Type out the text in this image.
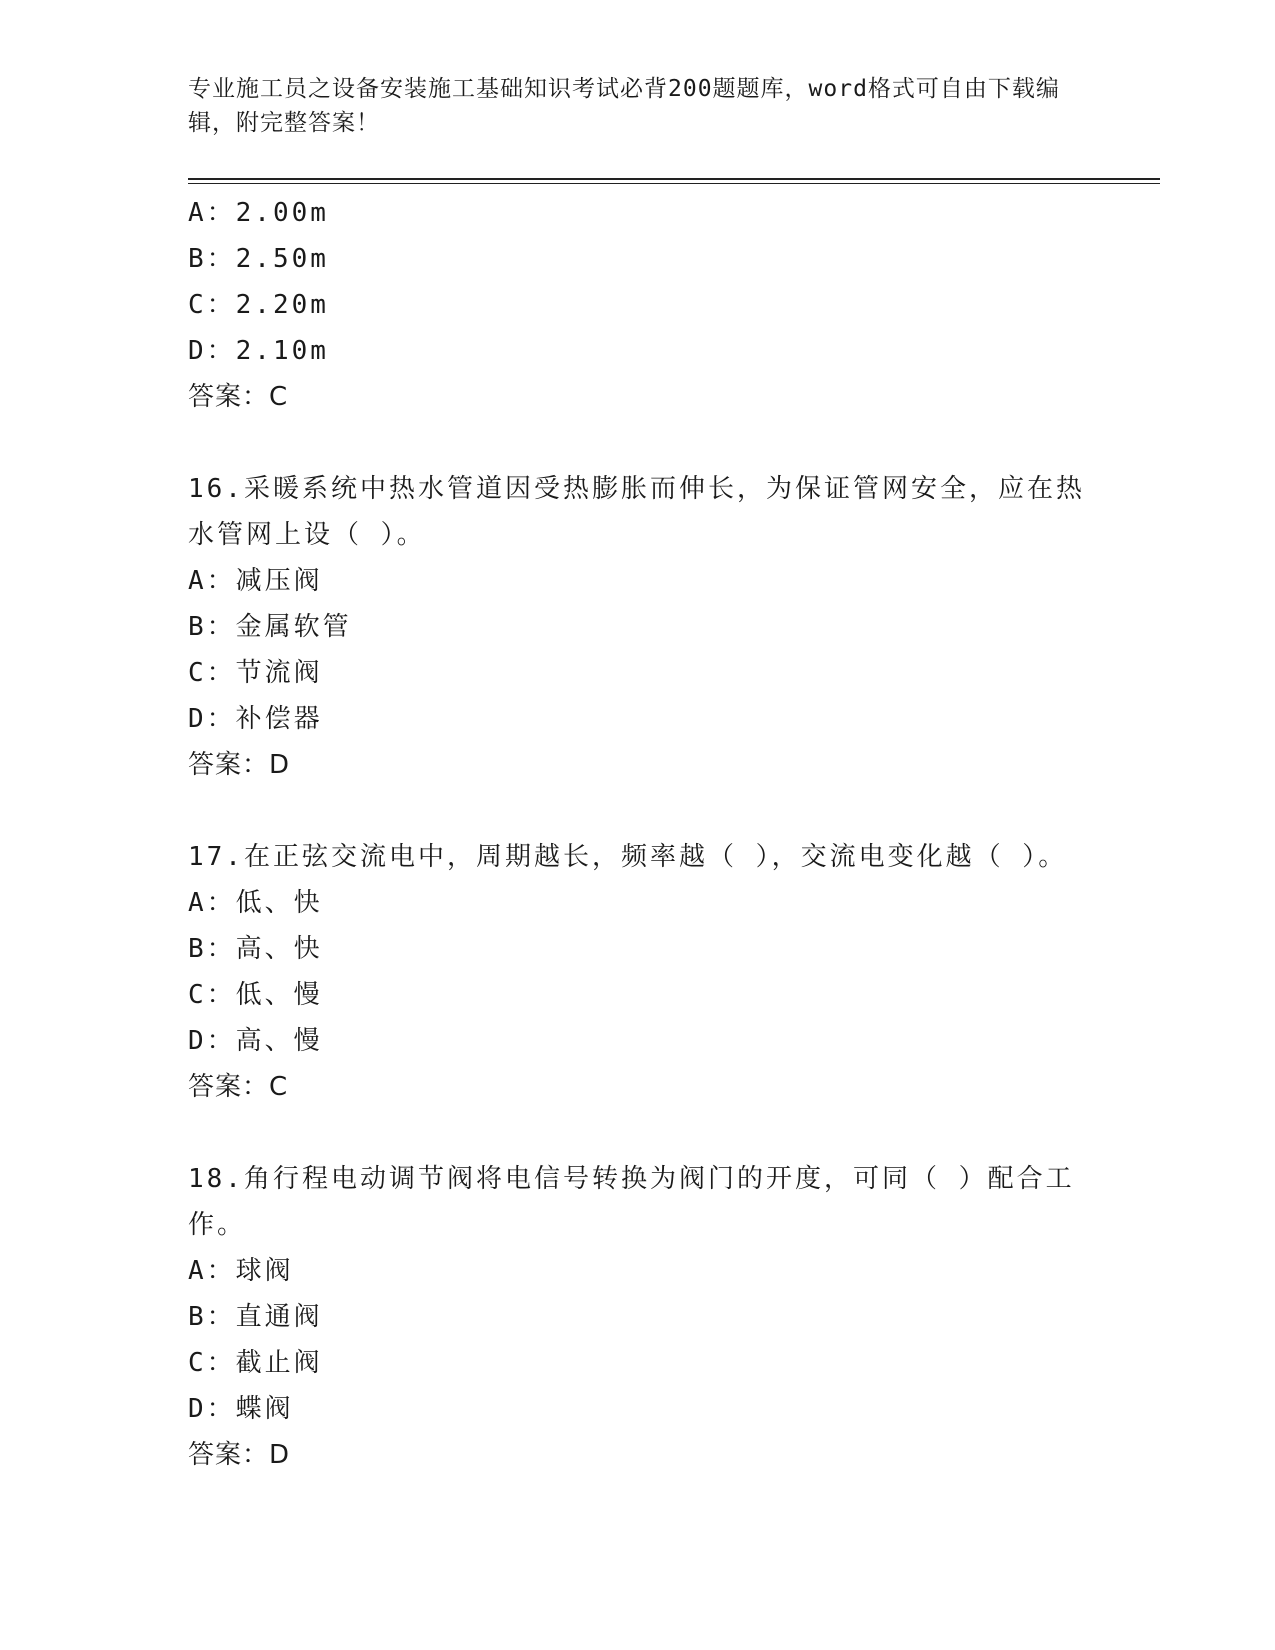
专业施工员之设备安装施工基础知识考试必背200题题库，word格式可自由下载编辑，附完整答案！
A：2.00m
B：2.50m
C：2.20m
D：2.10m
答案：C
16.采暖系统中热水管道因受热膨胀而伸长，为保证管网安全，应在热水管网上设（ ）。
A：减压阀
B：金属软管
C：节流阀
D：补偿器
答案：D
17.在正弦交流电中，周期越长，频率越（ ），交流电变化越（ ）。
A：低、快
B：高、快
C：低、慢
D：高、慢
答案：C
18.角行程电动调节阀将电信号转换为阀门的开度，可同（ ）配合工作。
A：球阀
B：直通阀
C：截止阀
D：蝶阀
答案：D
